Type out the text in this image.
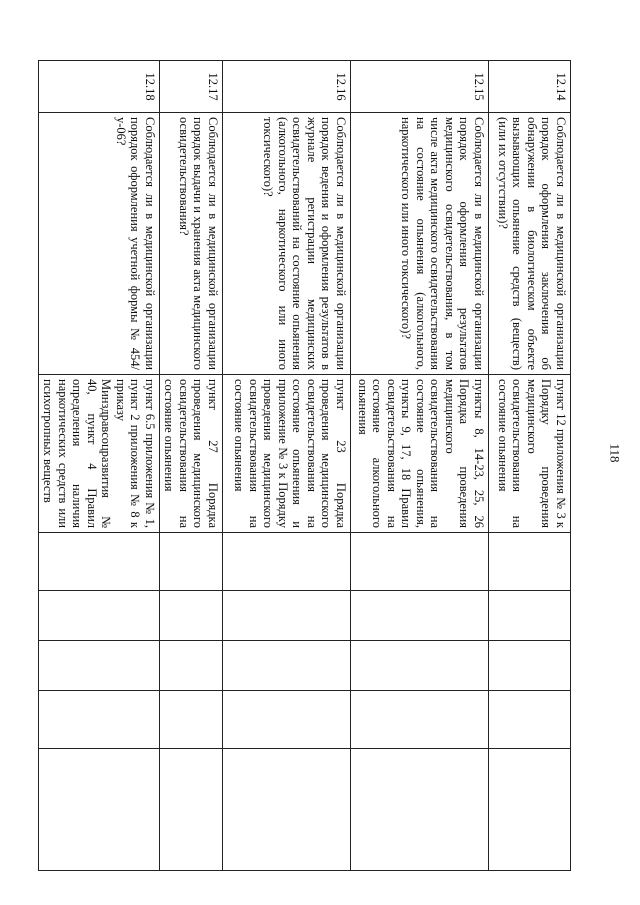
118
12.14	Соблюдается ли в медицинской организации порядок оформления заключения об обнаружении в биологическом объекте вызывающих опьянение средств (веществ) (или их отсутствии)?	пункт 12 приложения № 3 к Порядку проведения медицинского освидетельствования на состояние опьянения					
12.15	Соблюдается ли в медицинской организации порядок оформления результатов медицинского освидетельствования, в том числе акта медицинского освидетельствования на состояние опьянения (алкогольного, наркотического или иного токсического)?	пункты 8, 14-23, 25, 26 Порядка проведения медицинского освидетельствования на состояние опьянения, пункты 9, 17, 18 Правил освидетельствования на состояние алкогольного опьянения					
12.16	Соблюдается ли в медицинской организации порядок ведения и оформления результатов в журнале регистрации медицинских освидетельствований на состояние опьянения (алкогольного, наркотического или иного токсического)?	пункт 23 Порядка проведения медицинского освидетельствования на состояние опьянения и приложение № 3 к Порядку проведения медицинского освидетельствования на состояние опьянения					
12.17	Соблюдается ли в медицинской организации порядок выдачи и хранения акта медицинского освидетельствования?	пункт 27 Порядка проведения медицинского освидетельствования на состояние опьянения					
12.18	Соблюдается ли в медицинской организации порядок оформления учетной формы № 454/у-06?	пункт 6.5 приложения № 1, пункт 2 приложения № 8 к приказу Минздравсоцразвития № 40, пункт 4 Правил определения наличия наркотических средств или психотропных веществ					
